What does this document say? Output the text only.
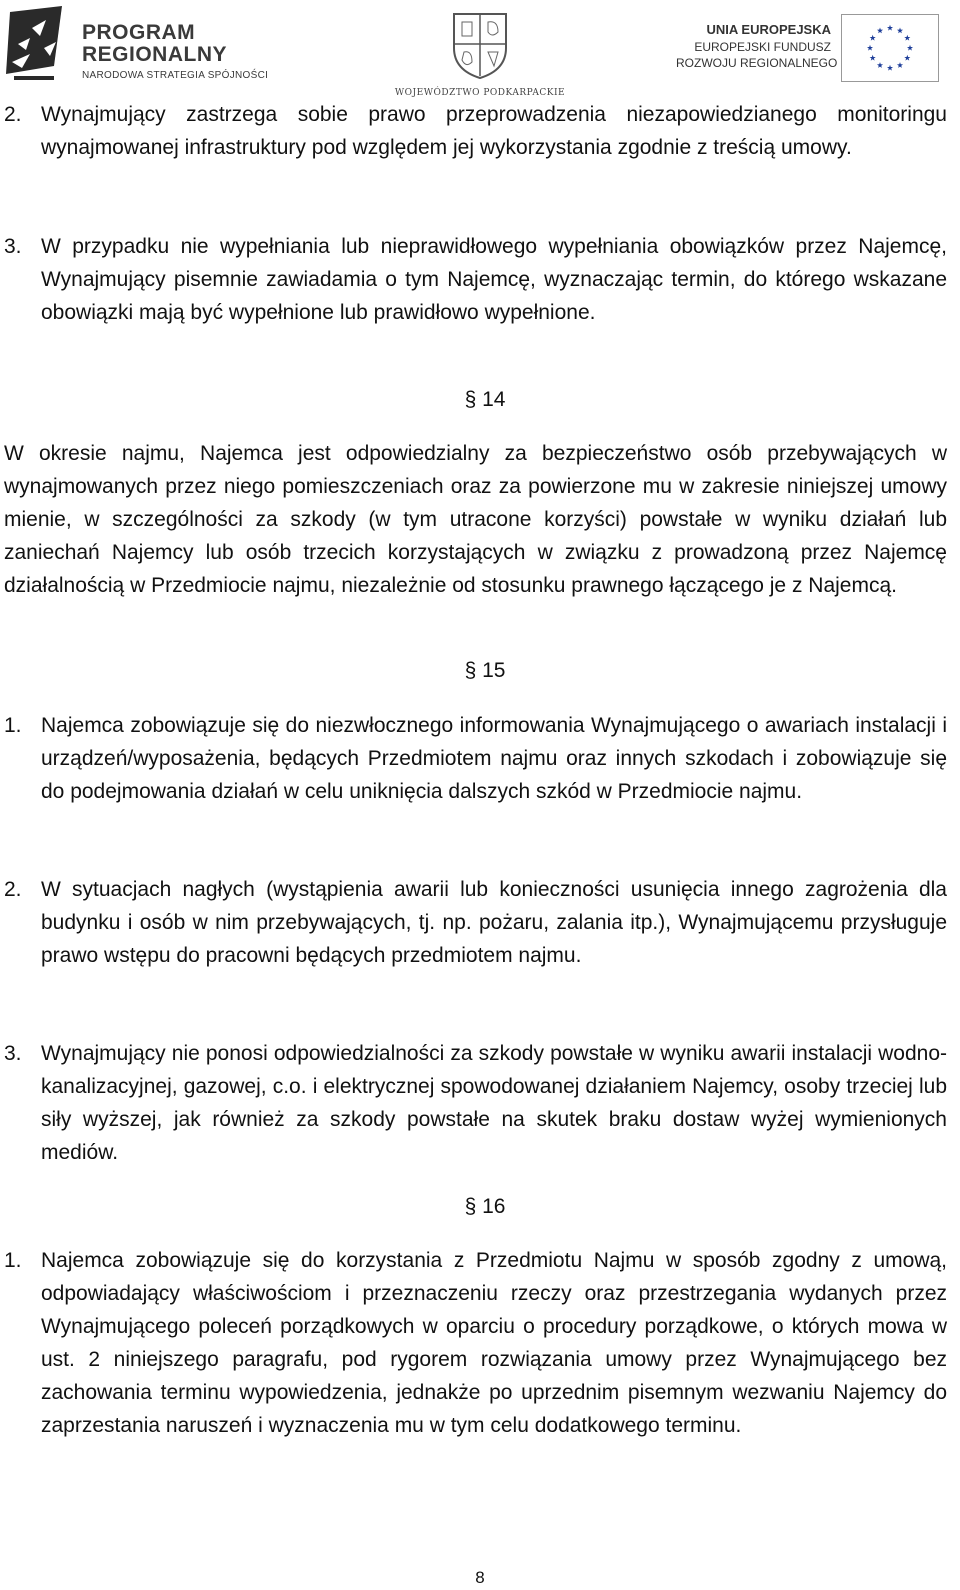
PROGRAM
REGIONALNY
NARODOWA STRATEGIA SPÓJNOŚCI
WOJEWÓDZTWO PODKARPACKIE
UNIA EUROPEJSKA
EUROPEJSKI FUNDUSZ
ROZWOJU REGIONALNEGO
2. Wynajmujący zastrzega sobie prawo przeprowadzenia niezapowiedzianego monitoringu wynajmowanej infrastruktury pod względem jej wykorzystania zgodnie z treścią umowy.
3. W przypadku nie wypełniania lub nieprawidłowego wypełniania obowiązków przez Najemcę, Wynajmujący pisemnie zawiadamia o tym Najemcę, wyznaczając termin, do którego wskazane obowiązki mają być wypełnione lub prawidłowo wypełnione.
§ 14
W okresie najmu, Najemca jest odpowiedzialny za bezpieczeństwo osób przebywających w wynajmowanych przez niego pomieszczeniach oraz za powierzone mu w zakresie niniejszej umowy mienie, w szczególności za szkody (w tym utracone korzyści) powstałe w wyniku działań lub zaniechań Najemcy lub osób trzecich korzystających w związku z prowadzoną przez Najemcę działalnością w Przedmiocie najmu, niezależnie od stosunku prawnego łączącego je z Najemcą.
§ 15
1. Najemca zobowiązuje się do niezwłocznego informowania Wynajmującego o awariach instalacji i urządzeń/wyposażenia, będących Przedmiotem najmu oraz innych szkodach i zobowiązuje się do podejmowania działań w celu uniknięcia dalszych szkód w Przedmiocie najmu.
2. W sytuacjach nagłych (wystąpienia awarii lub konieczności usunięcia innego zagrożenia dla budynku i osób w nim przebywających, tj. np. pożaru, zalania itp.), Wynajmującemu przysługuje prawo wstępu do pracowni będących przedmiotem najmu.
3. Wynajmujący nie ponosi odpowiedzialności za szkody powstałe w wyniku awarii instalacji wodno-kanalizacyjnej, gazowej, c.o. i elektrycznej spowodowanej działaniem Najemcy, osoby trzeciej lub siły wyższej, jak również za szkody powstałe na skutek braku dostaw wyżej wymienionych mediów.
§ 16
1. Najemca zobowiązuje się do korzystania z Przedmiotu Najmu w sposób zgodny z umową, odpowiadający właściwościom i przeznaczeniu rzeczy oraz przestrzegania wydanych przez Wynajmującego poleceń porządkowych w oparciu o procedury porządkowe, o których mowa w ust. 2 niniejszego paragrafu, pod rygorem rozwiązania umowy przez Wynajmującego bez zachowania terminu wypowiedzenia, jednakże po uprzednim pisemnym wezwaniu Najemcy do zaprzestania naruszeń i wyznaczenia mu w tym celu dodatkowego terminu.
8
